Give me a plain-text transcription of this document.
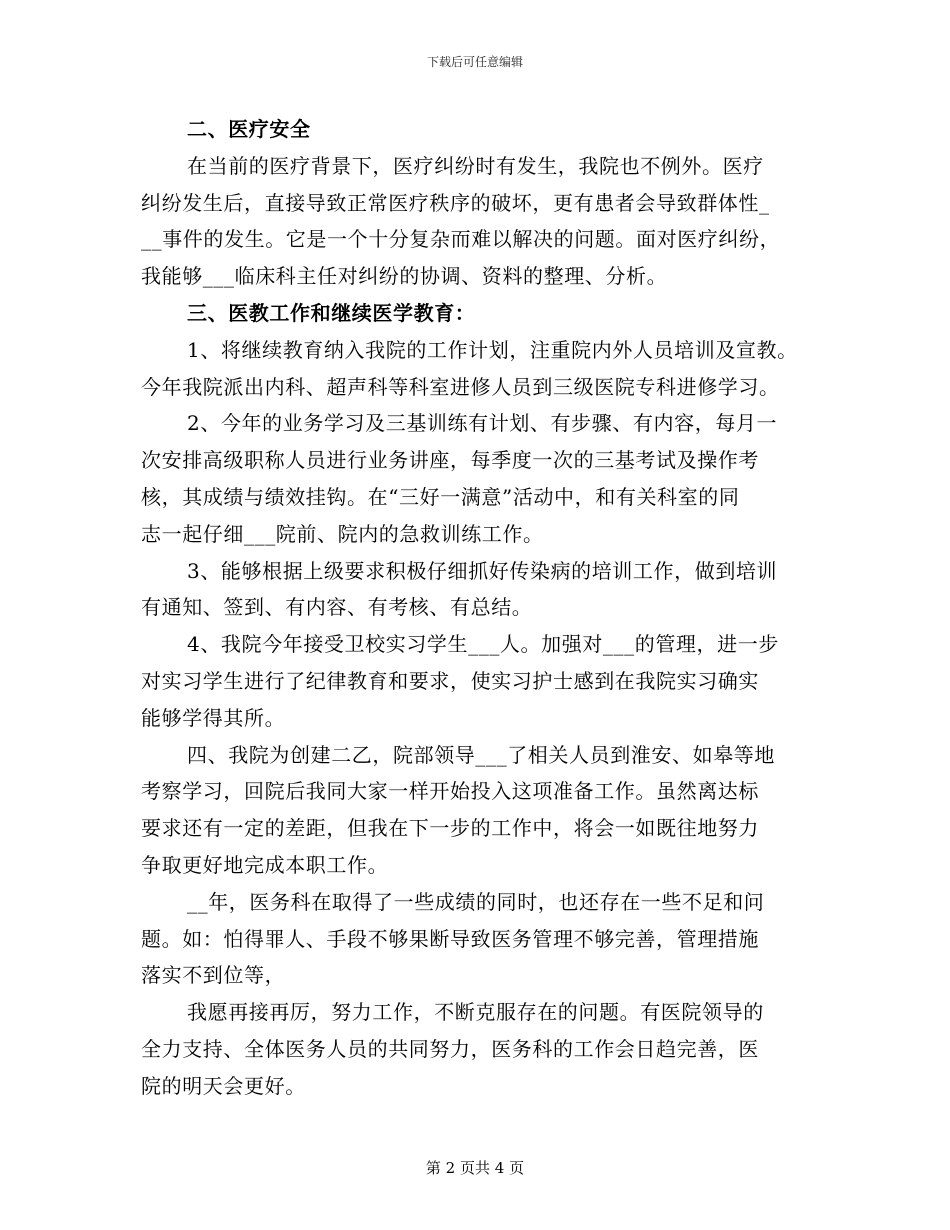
下载后可任意编辑
二、医疗安全
在当前的医疗背景下，医疗纠纷时有发生，我院也不例外。医疗
纠纷发生后，直接导致正常医疗秩序的破坏，更有患者会导致群体性_
__事件的发生。它是一个十分复杂而难以解决的问题。面对医疗纠纷，
我能够___临床科主任对纠纷的协调、资料的整理、分析。
三、医教工作和继续医学教育：
1、将继续教育纳入我院的工作计划，注重院内外人员培训及宣教。
今年我院派出内科、超声科等科室进修人员到三级医院专科进修学习。
2、今年的业务学习及三基训练有计划、有步骤、有内容，每月一
次安排高级职称人员进行业务讲座，每季度一次的三基考试及操作考
核，其成绩与绩效挂钩。在“三好一满意”活动中，和有关科室的同
志一起仔细___院前、院内的急救训练工作。
3、能够根据上级要求积极仔细抓好传染病的培训工作，做到培训
有通知、签到、有内容、有考核、有总结。
4、我院今年接受卫校实习学生___人。加强对___的管理，进一步
对实习学生进行了纪律教育和要求，使实习护士感到在我院实习确实
能够学得其所。
四、我院为创建二乙，院部领导___了相关人员到淮安、如皋等地
考察学习，回院后我同大家一样开始投入这项准备工作。虽然离达标
要求还有一定的差距，但我在下一步的工作中，将会一如既往地努力
争取更好地完成本职工作。
__年，医务科在取得了一些成绩的同时，也还存在一些不足和问
题。如：怕得罪人、手段不够果断导致医务管理不够完善，管理措施
落实不到位等，
我愿再接再厉，努力工作，不断克服存在的问题。有医院领导的
全力支持、全体医务人员的共同努力，医务科的工作会日趋完善，医
院的明天会更好。
第 2 页共 4 页
